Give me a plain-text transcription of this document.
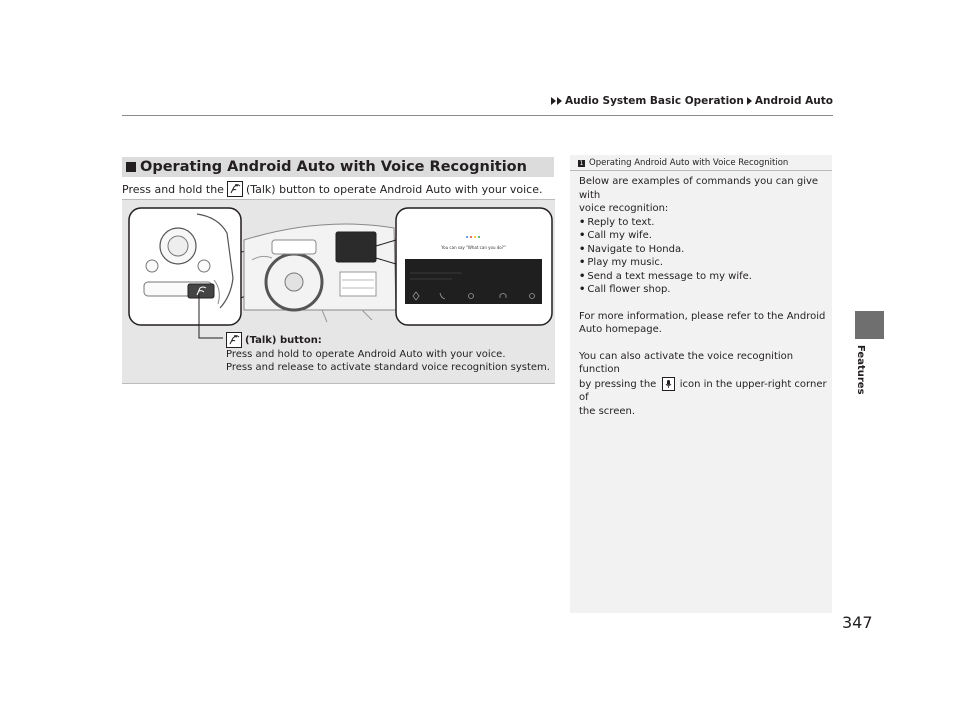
Audio System Basic Operation Android Auto
Features
Operating Android Auto with Voice Recognition
Press and hold the (Talk) button to operate Android Auto with your voice.
You can say "What can you do?"
(Talk) button:
Press and hold to operate Android Auto with your voice.
Press and release to activate standard voice recognition system.
1 Operating Android Auto with Voice Recognition

Below are examples of commands you can give with

voice recognition:

• Reply to text.
• Call my wife.
• Navigate to Honda.
• Play my music.
• Send a text message to my wife.
• Call flower shop.

For more information, please refer to the Android

Auto homepage.

You can also activate the voice recognition function

by pressing the icon in the upper-right corner of

the screen.

347
